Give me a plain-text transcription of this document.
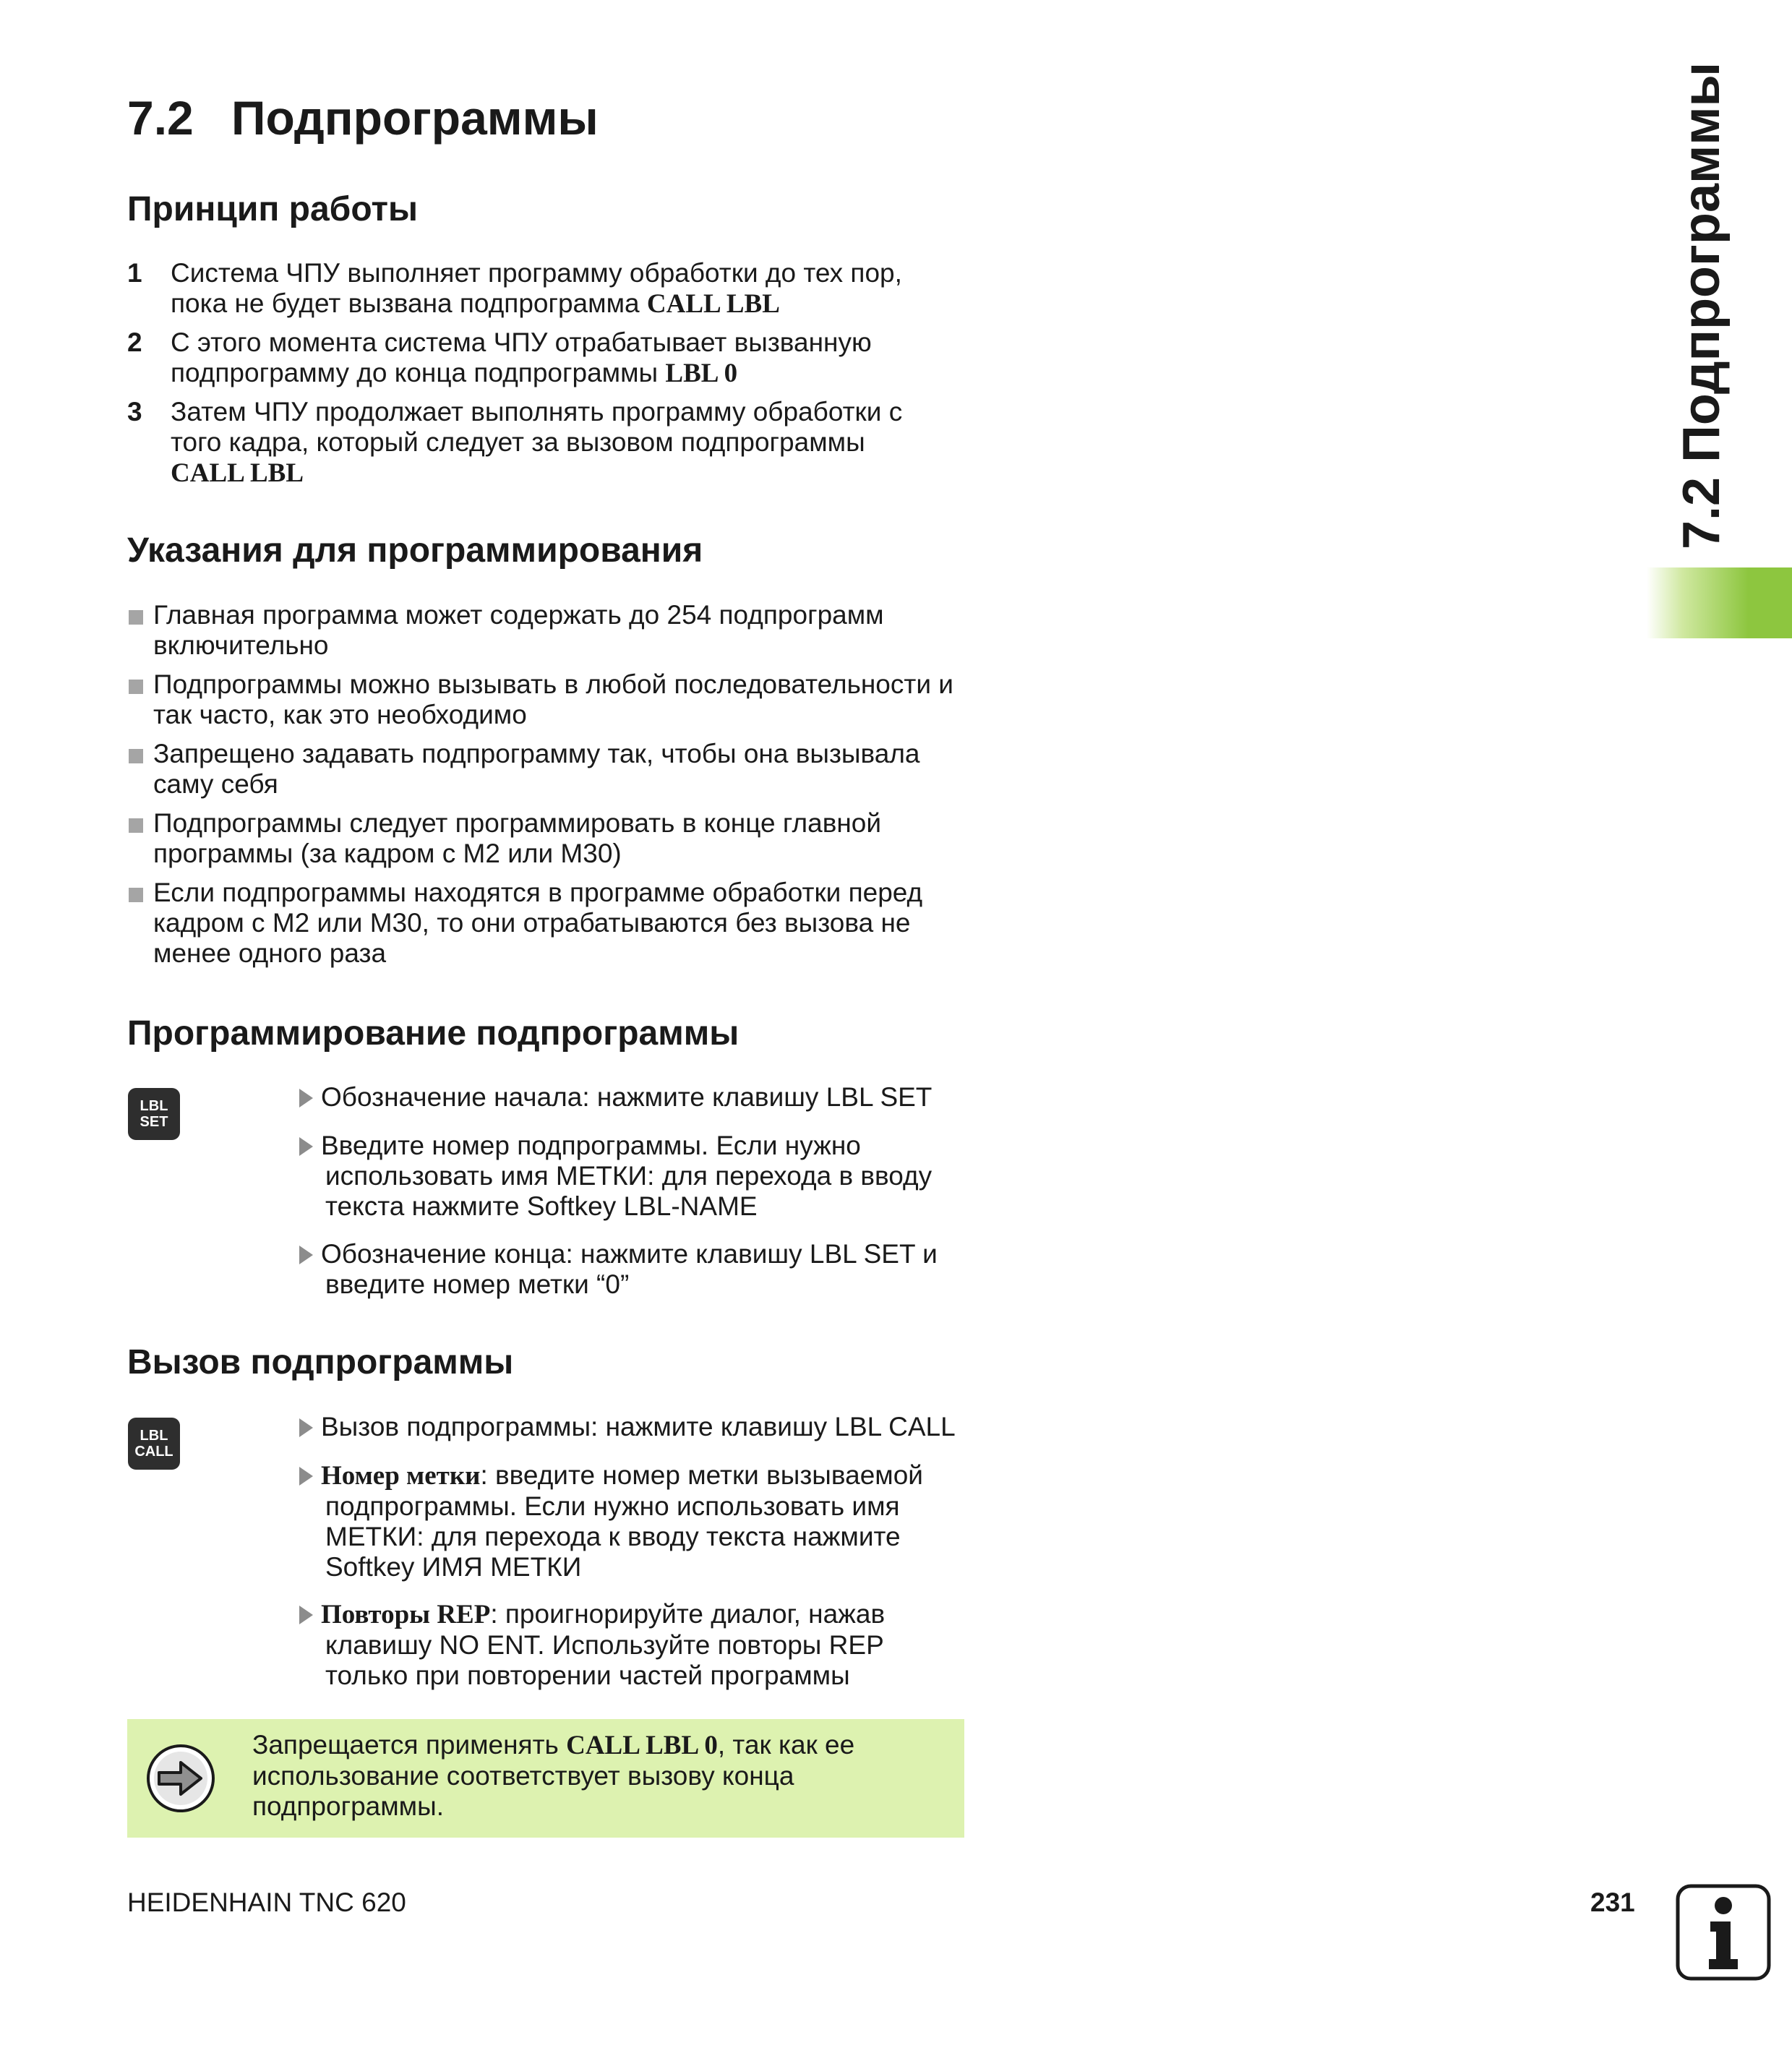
7.2 Подпрограммы	7.2 Подпрограммы
Принцип работы
1 Система ЧПУ выполняет программу обработки до тех пор,
пока не будет вызвана подпрограмма CALL LBL
2 С этого момента система ЧПУ отрабатывает вызванную
подпрограмму до конца подпрограммы LBL 0
3 Затем ЧПУ продолжает выполнять программу обработки с
того кадра, который следует за вызовом подпрограммы
CALL LBL
Указания для программирования
Главная программа может содержать до 254 подпрограмм
включительно
Подпрограммы можно вызывать в любой последовательности и
так часто, как это необходимо
Запрещено задавать подпрограмму так, чтобы она вызывала
саму себя
Подпрограммы следует программировать в конце главной
программы (за кадром с M2 или M30)
Если подпрограммы находятся в программе обработки перед
кадром с M2 или M30, то они отрабатываются без вызова не
менее одного раза
Программирование подпрограммы
LBL
SET
Обозначение начала: нажмите клавишу LBL SET
Введите номер подпрограммы. Если нужно
использовать имя МЕТКИ: для перехода в вводу
текста нажмите Softkey LBL-NAME
Обозначение конца: нажмите клавишу LBL SET и
введите номер метки “0”
Вызов подпрограммы
LBL
CALL
Вызов подпрограммы: нажмите клавишу LBL CALL
Номер метки: введите номер метки вызываемой
подпрограммы. Если нужно использовать имя
МЕТКИ: для перехода к вводу текста нажмите
Softkey ИМЯ МЕТКИ
Повторы REP: проигнорируйте диалог, нажав
клавишу NO ENT. Используйте повторы REP
только при повторении частей программы
Запрещается применять CALL LBL 0, так как ее
использование соответствует вызову конца
подпрограммы.
HEIDENHAIN TNC 620	231
